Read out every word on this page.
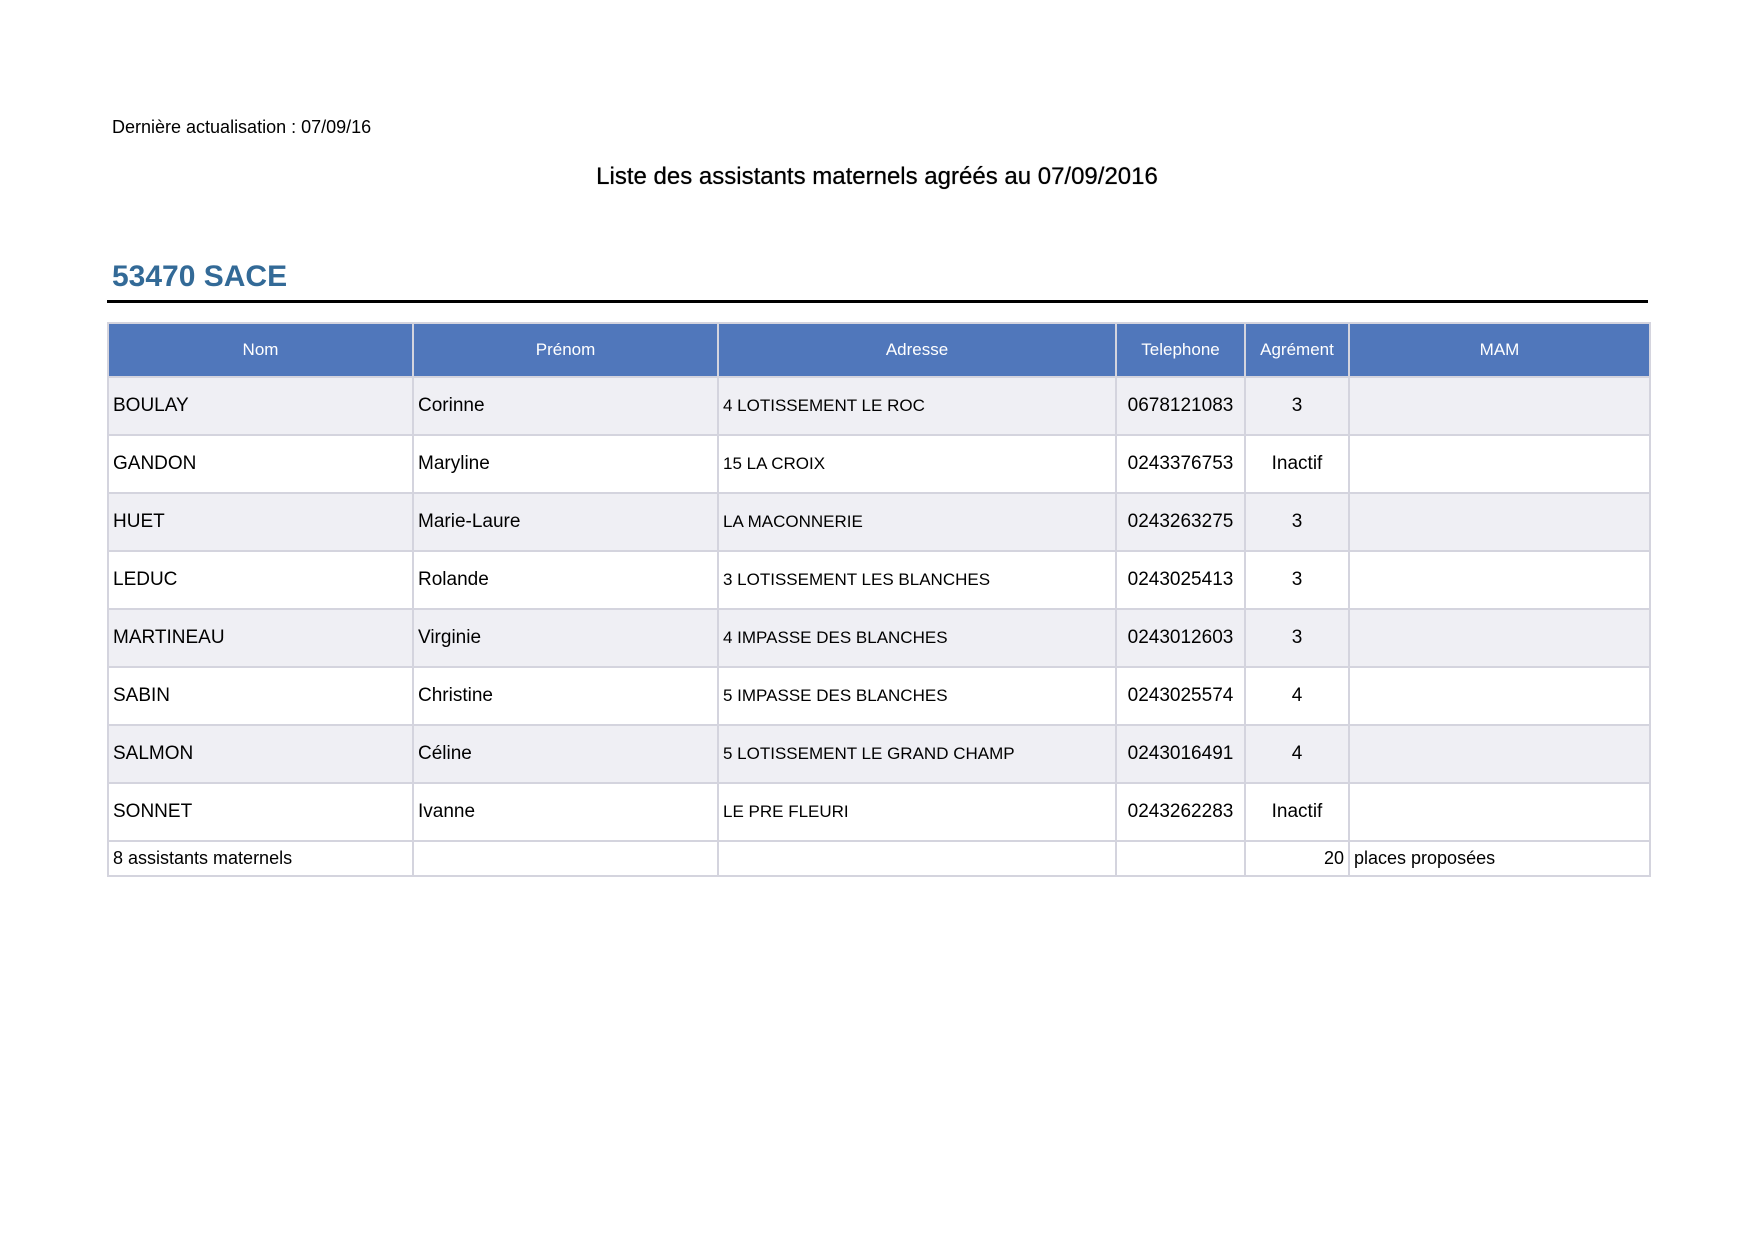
Dernière actualisation : 07/09/16
Liste des assistants maternels agréés au 07/09/2016
53470 SACE
Nom	Prénom	Adresse	Telephone	Agrément	MAM
BOULAY	Corinne	4 LOTISSEMENT LE ROC	0678121083	3	
GANDON	Maryline	15 LA CROIX	0243376753	Inactif	
HUET	Marie-Laure	LA MACONNERIE	0243263275	3	
LEDUC	Rolande	3 LOTISSEMENT LES BLANCHES	0243025413	3	
MARTINEAU	Virginie	4 IMPASSE DES BLANCHES	0243012603	3	
SABIN	Christine	5 IMPASSE DES BLANCHES	0243025574	4	
SALMON	Céline	5 LOTISSEMENT LE GRAND CHAMP	0243016491	4	
SONNET	Ivanne	LE PRE FLEURI	0243262283	Inactif	
8 assistants maternels				20	places proposées
